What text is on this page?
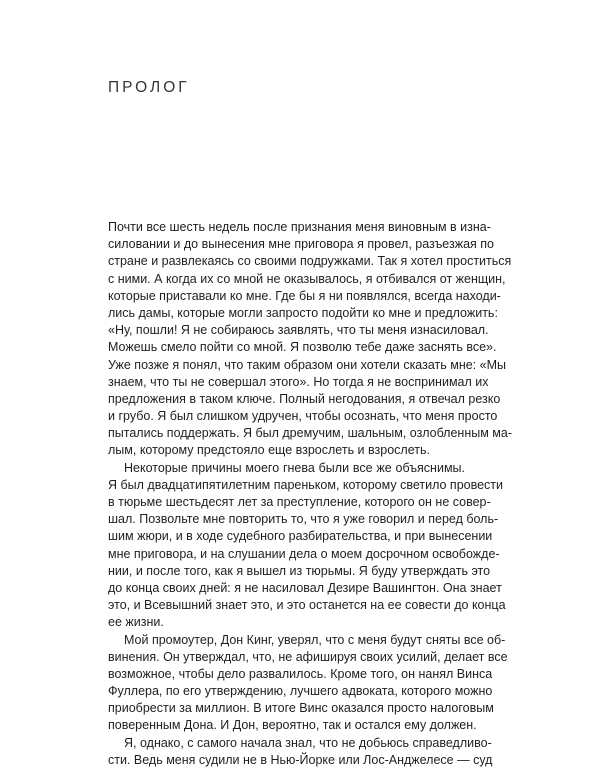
ПРОЛОГ
Почти все шесть недель после признания меня виновным в изна-
силовании и до вынесения мне приговора я провел, разъезжая по
стране и развлекаясь со своими подружками. Так я хотел проститься
с ними. А когда их со мной не оказывалось, я отбивался от женщин,
которые приставали ко мне. Где бы я ни появлялся, всегда находи-
лись дамы, которые могли запросто подойти ко мне и предложить:
«Ну, пошли! Я не собираюсь заявлять, что ты меня изнасиловал.
Можешь смело пойти со мной. Я позволю тебе даже заснять все».
Уже позже я понял, что таким образом они хотели сказать мне: «Мы
знаем, что ты не совершал этого». Но тогда я не воспринимал их
предложения в таком ключе. Полный негодования, я отвечал резко
и грубо. Я был слишком удручен, чтобы осознать, что меня просто
пытались поддержать. Я был дремучим, шальным, озлобленным ма-
лым, которому предстояло еще взрослеть и взрослеть.
Некоторые причины моего гнева были все же объяснимы.
Я был двадцатипятилетним пареньком, которому светило провести
в тюрьме шестьдесят лет за преступление, которого он не совер-
шал. Позвольте мне повторить то, что я уже говорил и перед боль-
шим жюри, и в ходе судебного разбирательства, и при вынесении
мне приговора, и на слушании дела о моем досрочном освобожде-
нии, и после того, как я вышел из тюрьмы. Я буду утверждать это
до конца своих дней: я не насиловал Дезире Вашингтон. Она знает
это, и Всевышний знает это, и это останется на ее совести до конца
ее жизни.
Мой промоутер, Дон Кинг, уверял, что с меня будут сняты все об-
винения. Он утверждал, что, не афишируя своих усилий, делает все
возможное, чтобы дело развалилось. Кроме того, он нанял Винса
Фуллера, по его утверждению, лучшего адвоката, которого можно
приобрести за миллион. В итоге Винс оказался просто налоговым
поверенным Дона. И Дон, вероятно, так и остался ему должен.
Я, однако, с самого начала знал, что не добьюсь справедливо-
сти. Ведь меня судили не в Нью-Йорке или Лос-Анджелесе — суд
